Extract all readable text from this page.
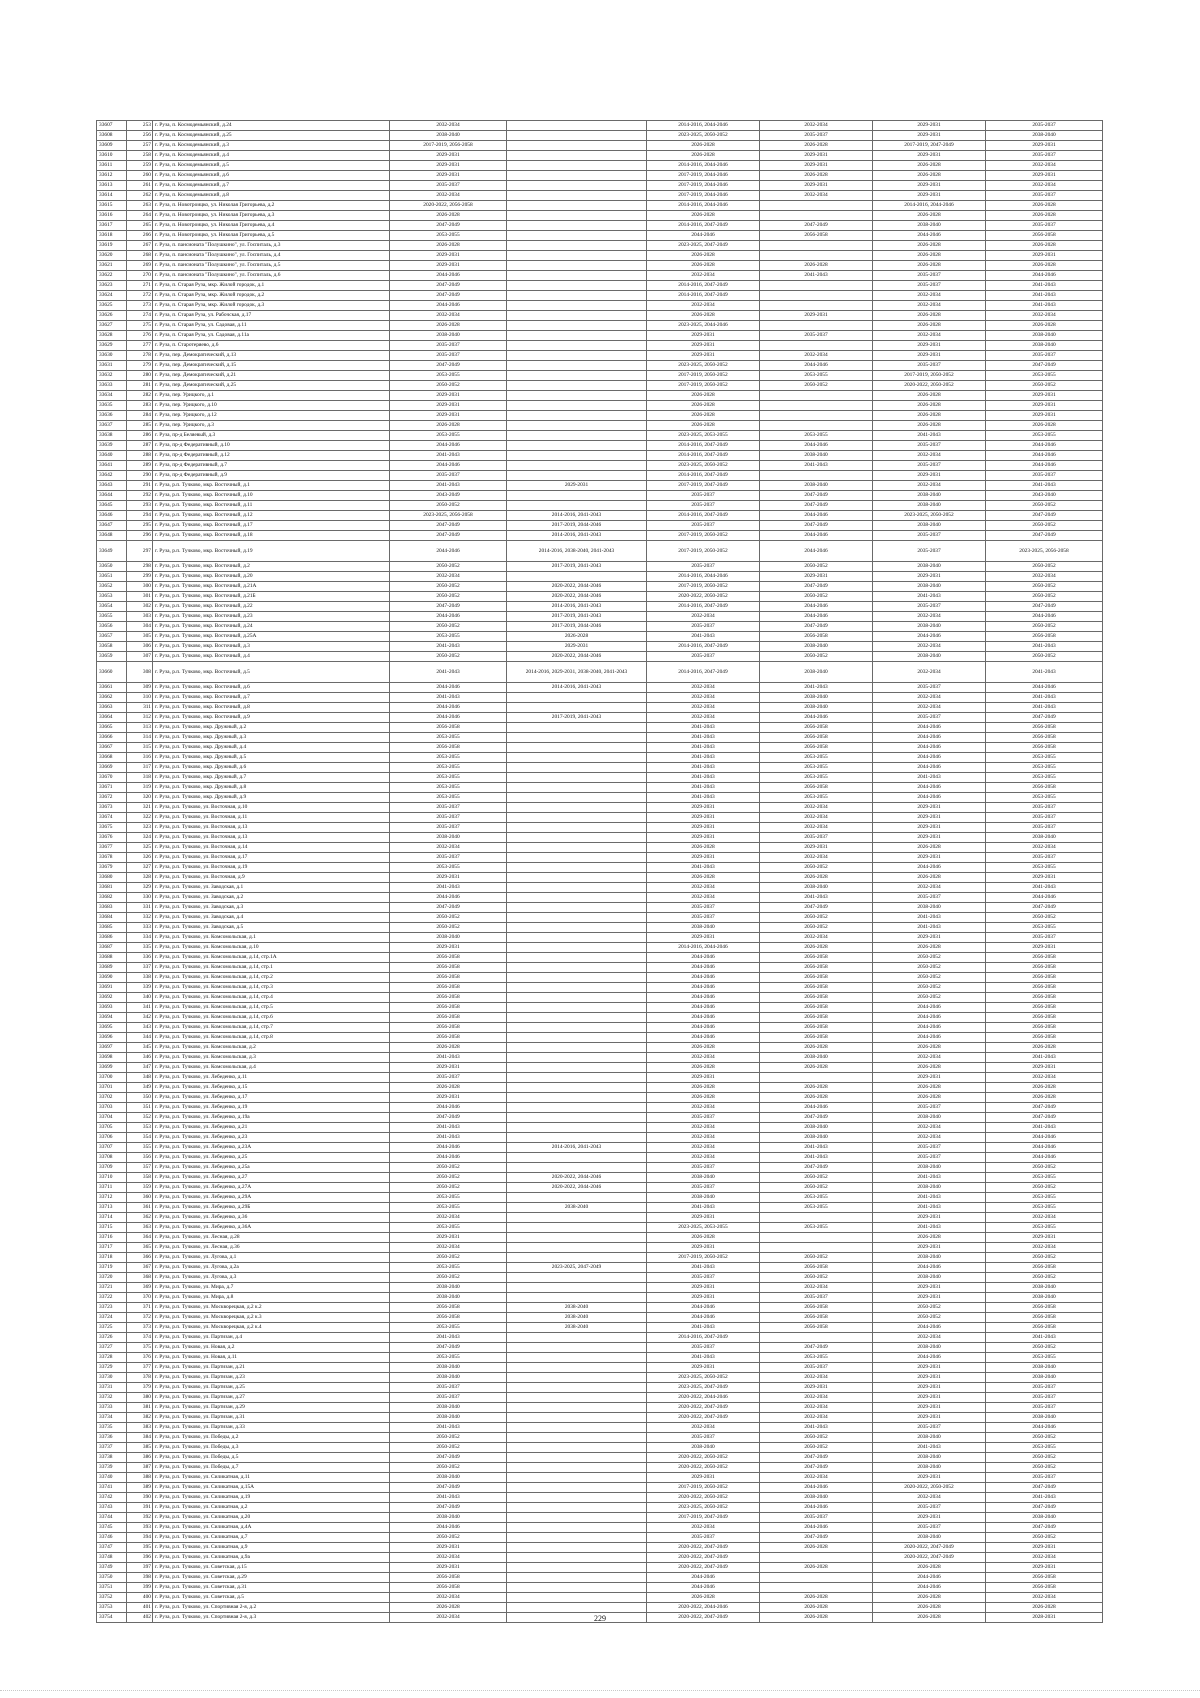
33607	253	г. Руза, п. Космодемьянский, д.24	2032-2034		2014-2016, 2044-2046	2032-2034	2029-2031	2035-2037
33608	256	г. Руза, п. Космодемьянский, д.25	2038-2040		2023-2025, 2050-2052	2035-2037	2029-2031	2038-2040
33609	257	г. Руза, п. Космодемьянский, д.3	2017-2019, 2056-2058		2026-2028	2026-2028	2017-2019, 2047-2049	2029-2031
33610	258	г. Руза, п. Космодемьянский, д.4	2029-2031		2026-2028	2029-2031	2029-2031	2035-2037
33611	259	г. Руза, п. Космодемьянский, д.5	2029-2031		2014-2016, 2044-2046	2029-2031	2026-2028	2032-2034
33612	260	г. Руза, п. Космодемьянский, д.6	2029-2031		2017-2019, 2044-2046	2026-2028	2026-2028	2029-2031
33613	261	г. Руза, п. Космодемьянский, д.7	2035-2037		2017-2019, 2044-2046	2029-2031	2029-2031	2032-2034
33614	262	г. Руза, п. Космодемьянский, д.8	2032-2034		2017-2019, 2044-2046	2032-2034	2029-2031	2035-2037
33615	263	г. Руза, п. Новотроицко, ул. Николая Григорьева, д.2	2020-2022, 2056-2058		2014-2016, 2044-2046		2014-2016, 2044-2046	2026-2028
33616	264	г. Руза, п. Новотроицко, ул. Николая Григорьева, д.3	2026-2028		2026-2028		2026-2028	2026-2028
33617	265	г. Руза, п. Новотроицко, ул. Николая Григорьева, д.4	2047-2049		2014-2016, 2047-2049	2047-2049	2038-2040	2035-2037
33618	266	г. Руза, п. Новотроицко, ул. Николая Григорьева, д.5	2053-2055		2044-2046	2056-2058	2044-2046	2056-2058
33619	267	г. Руза, п. пансионата "Полушкино", ул. Госпиталь, д.3	2026-2028		2023-2025, 2047-2049		2026-2028	2026-2028
33620	268	г. Руза, п. пансионата "Полушкино", ул. Госпиталь, д.4	2029-2031		2026-2028		2026-2028	2029-2031
33621	269	г. Руза, п. пансионата "Полушкино", ул. Госпиталь, д.5	2029-2031		2026-2028	2026-2028	2026-2028	2026-2028
33622	270	г. Руза, п. пансионата "Полушкино", ул. Госпиталь, д.6	2044-2046		2032-2034	2041-2043	2035-2037	2044-2046
33623	271	г. Руза, п. Старая Руза, мкр. Жилой городок, д.1	2047-2049		2014-2016, 2047-2049		2035-2037	2041-2043
33624	272	г. Руза, п. Старая Руза, мкр. Жилой городок, д.2	2047-2049		2014-2016, 2047-2049		2032-2034	2041-2043
33625	273	г. Руза, п. Старая Руза, мкр. Жилой городок, д.3	2044-2046		2032-2034		2032-2034	2041-2043
33626	274	г. Руза, п. Старая Руза, ул. Рабочская, д.17	2032-2034		2026-2028	2029-2031	2026-2028	2032-2034
33627	275	г. Руза, п. Старая Руза, ул. Садовая, д.11	2026-2028		2023-2025, 2044-2046		2026-2028	2026-2028
33628	276	г. Руза, п. Старая Руза, ул. Садовая, д.11а	2038-2040		2029-2031	2035-2037	2032-2034	2038-2040
33629	277	г. Руза, п. Старотеряево, д.6	2035-2037		2029-2031		2029-2031	2038-2040
33630	278	г. Руза, пер. Демократический, д.13	2035-2037		2029-2031	2032-2034	2029-2031	2035-2037
33631	279	г. Руза, пер. Демократический, д.15	2047-2049		2023-2025, 2050-2052	2044-2046	2035-2037	2047-2049
33632	280	г. Руза, пер. Демократический, д.21	2053-2055		2017-2019, 2050-2052	2053-2055	2017-2019, 2050-2052	2053-2055
33633	281	г. Руза, пер. Демократический, д.25	2050-2052		2017-2019, 2050-2052	2050-2052	2020-2022, 2050-2052	2050-2052
33634	282	г. Руза, пер. Урицкого, д.1	2029-2031		2026-2028		2026-2028	2029-2031
33635	283	г. Руза, пер. Урицкого, д.10	2029-2031		2026-2028		2026-2028	2029-2031
33636	284	г. Руза, пер. Урицкого, д.12	2029-2031		2026-2028		2026-2028	2029-2031
33637	285	г. Руза, пер. Урицкого, д.3	2026-2028		2026-2028		2026-2028	2026-2028
33638	286	г. Руза, пр-д Беляевый, д.3	2053-2055		2023-2025, 2053-2055	2053-2055	2041-2043	2053-2055
33639	287	г. Руза, пр-д Федеративный, д.10	2044-2046		2014-2016, 2047-2049	2044-2046	2035-2037	2044-2046
33640	288	г. Руза, пр-д Федеративный, д.12	2041-2043		2014-2016, 2047-2049	2038-2040	2032-2034	2044-2046
33641	289	г. Руза, пр-д Федеративный, д.7	2044-2046		2023-2025, 2050-2052	2041-2043	2035-2037	2044-2046
33642	290	г. Руза, пр-д Федеративный, д.9	2035-2037		2014-2016, 2047-2049		2029-2031	2035-2037
33643	291	г. Руза, р.п. Тучково, мкр. Восточный, д.1	2041-2043	2029-2031	2017-2019, 2047-2049	2038-2040	2032-2034	2041-2043
33644	292	г. Руза, р.п. Тучково, мкр. Восточный, д.10	2043-2049		2035-2037	2047-2049	2038-2040	2043-2040
33645	293	г. Руза, р.п. Тучково, мкр. Восточный, д.11	2050-2052		2035-2037	2047-2049	2038-2040	2050-2052
33646	294	г. Руза, р.п. Тучково, мкр. Восточный, д.12	2023-2025, 2056-2058	2014-2016, 2041-2043	2014-2016, 2047-2049	2044-2046	2023-2025, 2050-2052	2047-2049
33647	295	г. Руза, р.п. Тучково, мкр. Восточный, д.17	2047-2049	2017-2019, 2044-2046	2035-2037	2047-2049	2038-2040	2050-2052
33648	296	г. Руза, р.п. Тучково, мкр. Восточный, д.18	2047-2049	2014-2016, 2041-2043	2017-2019, 2050-2052	2044-2046	2035-2037	2047-2049
33649	297	г. Руза, р.п. Тучково, мкр. Восточный, д.19	2044-2046	2014-2016, 2038-2040, 2041-2043	2017-2019, 2050-2052	2044-2046	2035-2037	2023-2025, 2056-2058
33650	298	г. Руза, р.п. Тучково, мкр. Восточный, д.2	2050-2052	2017-2019, 2041-2043	2035-2037	2050-2052	2038-2040	2050-2052
33651	299	г. Руза, р.п. Тучково, мкр. Восточный, д.20	2032-2034		2014-2016, 2044-2046	2029-2031	2029-2031	2032-2034
33652	300	г. Руза, р.п. Тучково, мкр. Восточный, д.21А	2050-2052	2020-2022, 2044-2046	2017-2019, 2050-2052	2047-2049	2038-2040	2050-2052
33653	301	г. Руза, р.п. Тучково, мкр. Восточный, д.21Б	2050-2052	2020-2022, 2044-2046	2020-2022, 2050-2052	2050-2052	2041-2043	2050-2052
33654	302	г. Руза, р.п. Тучково, мкр. Восточный, д.22	2047-2049	2014-2016, 2041-2043	2014-2016, 2047-2049	2044-2046	2035-2037	2047-2049
33655	303	г. Руза, р.п. Тучково, мкр. Восточный, д.23	2044-2046	2017-2019, 2041-2043	2032-2034	2044-2046	2032-2034	2044-2046
33656	304	г. Руза, р.п. Тучково, мкр. Восточный, д.24	2050-2052	2017-2019, 2044-2046	2035-2037	2047-2049	2038-2040	2050-2052
33657	305	г. Руза, р.п. Тучково, мкр. Восточный, д.25А	2053-2055	2026-2028	2041-2043	2056-2058	2044-2046	2056-2058
33658	306	г. Руза, р.п. Тучково, мкр. Восточный, д.3	2041-2043	2029-2031	2014-2016, 2047-2049	2038-2040	2032-2034	2041-2043
33659	307	г. Руза, р.п. Тучково, мкр. Восточный, д.4	2050-2052	2020-2022, 2044-2046	2035-2037	2050-2052	2038-2040	2050-2052
33660	308	г. Руза, р.п. Тучково, мкр. Восточный, д.5	2041-2043	2014-2016, 2029-2031, 2038-2040, 2041-2043	2014-2016, 2047-2049	2038-2040	2032-2034	2041-2043
33661	309	г. Руза, р.п. Тучково, мкр. Восточный, д.6	2044-2046	2014-2016, 2041-2043	2032-2034	2041-2043	2035-2037	2044-2046
33662	310	г. Руза, р.п. Тучково, мкр. Восточный, д.7	2041-2043		2032-2034	2038-2040	2032-2034	2041-2043
33663	311	г. Руза, р.п. Тучково, мкр. Восточный, д.8	2044-2046		2032-2034	2038-2040	2032-2034	2041-2043
33664	312	г. Руза, р.п. Тучково, мкр. Восточный, д.9	2044-2046	2017-2019, 2041-2043	2032-2034	2044-2046	2035-2037	2047-2049
33665	313	г. Руза, р.п. Тучково, мкр. Дружный, д.2	2056-2058		2041-2043	2056-2058	2044-2046	2056-2058
33666	314	г. Руза, р.п. Тучково, мкр. Дружный, д.3	2053-2055		2041-2043	2056-2058	2044-2046	2056-2058
33667	315	г. Руза, р.п. Тучково, мкр. Дружный, д.4	2056-2058		2041-2043	2056-2058	2044-2046	2056-2058
33668	316	г. Руза, р.п. Тучково, мкр. Дружный, д.5	2053-2055		2041-2043	2053-2055	2044-2046	2053-2055
33669	317	г. Руза, р.п. Тучково, мкр. Дружный, д.6	2053-2055		2041-2043	2053-2055	2044-2046	2053-2055
33670	318	г. Руза, р.п. Тучково, мкр. Дружный, д.7	2053-2055		2041-2043	2053-2055	2041-2043	2053-2055
33671	319	г. Руза, р.п. Тучково, мкр. Дружный, д.8	2053-2055		2041-2043	2056-2058	2044-2046	2056-2058
33672	320	г. Руза, р.п. Тучково, мкр. Дружный, д.9	2053-2055		2041-2043	2053-2055	2044-2046	2053-2055
33673	321	г. Руза, р.п. Тучково, ул. Восточная, д.10	2035-2037		2029-2031	2032-2034	2029-2031	2035-2037
33674	322	г. Руза, р.п. Тучково, ул. Восточная, д.11	2035-2037		2029-2031	2032-2034	2029-2031	2035-2037
33675	323	г. Руза, р.п. Тучково, ул. Восточная, д.13	2035-2037		2029-2031	2032-2034	2029-2031	2035-2037
33676	324	г. Руза, р.п. Тучково, ул. Восточная, д.13	2038-2040		2029-2031	2035-2037	2029-2031	2038-2040
33677	325	г. Руза, р.п. Тучково, ул. Восточная, д.14	2032-2034		2026-2028	2029-2031	2026-2028	2032-2034
33678	326	г. Руза, р.п. Тучково, ул. Восточная, д.17	2035-2037		2029-2031	2032-2034	2029-2031	2035-2037
33679	327	г. Руза, р.п. Тучково, ул. Восточная, д.19	2053-2055		2041-2043	2050-2052	2044-2046	2053-2055
33680	328	г. Руза, р.п. Тучково, ул. Восточная, д.9	2029-2031		2026-2028	2026-2028	2026-2028	2029-2031
33681	329	г. Руза, р.п. Тучково, ул. Заводская, д.1	2041-2043		2032-2034	2038-2040	2032-2034	2041-2043
33682	330	г. Руза, р.п. Тучково, ул. Заводская, д.2	2044-2046		2032-2034	2041-2043	2035-2037	2044-2046
33683	331	г. Руза, р.п. Тучково, ул. Заводская, д.3	2047-2049		2035-2037	2047-2049	2038-2040	2047-2049
33684	332	г. Руза, р.п. Тучково, ул. Заводская, д.4	2050-2052		2035-2037	2050-2052	2041-2043	2050-2052
33685	333	г. Руза, р.п. Тучково, ул. Заводская, д.5	2050-2052		2038-2040	2050-2052	2041-2043	2053-2055
33686	334	г. Руза, р.п. Тучково, ул. Комсомольская, д.1	2038-2040		2029-2031	2032-2034	2029-2031	2035-2037
33687	335	г. Руза, р.п. Тучково, ул. Комсомольская, д.10	2029-2031		2014-2016, 2044-2046	2026-2028	2026-2028	2029-2031
33688	336	г. Руза, р.п. Тучково, ул. Комсомольская, д.14, стр.1А	2056-2058		2044-2046	2056-2058	2050-2052	2056-2058
33689	337	г. Руза, р.п. Тучково, ул. Комсомольская, д.14, стр.1	2056-2058		2044-2046	2056-2058	2050-2052	2056-2058
33690	338	г. Руза, р.п. Тучково, ул. Комсомольская, д.14, стр.2	2056-2058		2044-2046	2056-2058	2050-2052	2056-2058
33691	339	г. Руза, р.п. Тучково, ул. Комсомольская, д.14, стр.3	2056-2058		2044-2046	2056-2058	2050-2052	2056-2058
33692	340	г. Руза, р.п. Тучково, ул. Комсомольская, д.14, стр.4	2056-2058		2044-2046	2056-2058	2050-2052	2056-2058
33693	341	г. Руза, р.п. Тучково, ул. Комсомольская, д.14, стр.5	2056-2058		2044-2046	2056-2058	2044-2046	2056-2058
33694	342	г. Руза, р.п. Тучково, ул. Комсомольская, д.14, стр.6	2056-2058		2044-2046	2056-2058	2044-2046	2056-2058
33695	343	г. Руза, р.п. Тучково, ул. Комсомольская, д.14, стр.7	2056-2058		2044-2046	2056-2058	2044-2046	2056-2058
33696	344	г. Руза, р.п. Тучково, ул. Комсомольская, д.14, стр.8	2056-2058		2044-2046	2056-2058	2044-2046	2056-2058
33697	345	г. Руза, р.п. Тучково, ул. Комсомольская, д.2	2026-2028		2026-2028	2026-2028	2026-2028	2026-2028
33698	346	г. Руза, р.п. Тучково, ул. Комсомольская, д.3	2041-2043		2032-2034	2038-2040	2032-2034	2041-2043
33699	347	г. Руза, р.п. Тучково, ул. Комсомольская, д.4	2029-2031		2026-2028	2026-2028	2026-2028	2029-2031
33700	348	г. Руза, р.п. Тучково, ул. Лебеденко, д.11	2035-2037		2029-2031		2029-2031	2032-2034
33701	349	г. Руза, р.п. Тучково, ул. Лебеденко, д.15	2026-2028		2026-2028	2026-2028	2026-2028	2026-2028
33702	350	г. Руза, р.п. Тучково, ул. Лебеденко, д.17	2029-2031		2026-2028	2026-2028	2026-2028	2026-2028
33703	351	г. Руза, р.п. Тучково, ул. Лебеденко, д.19	2044-2046		2032-2034	2044-2046	2035-2037	2047-2049
33704	352	г. Руза, р.п. Тучково, ул. Лебеденко, д.19а	2047-2049		2035-2037	2047-2049	2038-2040	2047-2049
33705	353	г. Руза, р.п. Тучково, ул. Лебеденко, д.21	2041-2043		2032-2034	2038-2040	2032-2034	2041-2043
33706	354	г. Руза, р.п. Тучково, ул. Лебеденко, д.23	2041-2043		2032-2034	2038-2040	2032-2034	2044-2046
33707	355	г. Руза, р.п. Тучково, ул. Лебеденко, д.23А	2044-2046	2014-2016, 2041-2043	2032-2034	2041-2043	2035-2037	2044-2046
33708	356	г. Руза, р.п. Тучково, ул. Лебеденко, д.25	2044-2046		2032-2034	2041-2043	2035-2037	2044-2046
33709	357	г. Руза, р.п. Тучково, ул. Лебеденко, д.25а	2050-2052		2035-2037	2047-2049	2038-2040	2050-2052
33710	358	г. Руза, р.п. Тучково, ул. Лебеденко, д.27	2050-2052	2020-2022, 2044-2046	2038-2040	2050-2052	2041-2043	2053-2055
33711	359	г. Руза, р.п. Тучково, ул. Лебеденко, д.27А	2050-2052	2020-2022, 2044-2046	2035-2037	2050-2052	2038-2040	2050-2052
33712	360	г. Руза, р.п. Тучково, ул. Лебеденко, д.29А	2053-2055		2038-2040	2053-2055	2041-2043	2053-2055
33713	361	г. Руза, р.п. Тучково, ул. Лебеденко, д.29Б	2053-2055	2038-2040	2041-2043	2053-2055	2041-2043	2053-2055
33714	362	г. Руза, р.п. Тучково, ул. Лебеденко, д.36	2032-2034		2029-2031		2029-2031	2032-2034
33715	363	г. Руза, р.п. Тучково, ул. Лебеденко, д.36А	2053-2055		2023-2025, 2053-2055	2053-2055	2041-2043	2053-2055
33716	364	г. Руза, р.п. Тучково, ул. Лесная, д.28	2029-2031		2026-2028		2026-2028	2029-2031
33717	365	г. Руза, р.п. Тучково, ул. Лесная, д.36	2032-2034		2029-2031		2029-2031	2032-2034
33718	366	г. Руза, р.п. Тучково, ул. Лугова, д.1	2050-2052		2017-2019, 2050-2052	2050-2052	2038-2040	2050-2052
33719	367	г. Руза, р.п. Тучково, ул. Лугова, д.2а	2053-2055	2023-2025, 2047-2049	2041-2043	2056-2058	2044-2046	2056-2058
33720	368	г. Руза, р.п. Тучково, ул. Лугова, д.3	2050-2052		2035-2037	2050-2052	2038-2040	2050-2052
33721	369	г. Руза, р.п. Тучково, ул. Мира, д.7	2038-2040		2029-2031	2032-2034	2029-2031	2038-2040
33722	370	г. Руза, р.п. Тучково, ул. Мира, д.8	2038-2040		2029-2031	2035-2037	2029-2031	2038-2040
33723	371	г. Руза, р.п. Тучково, ул. Москворецкая, д.2 к.2	2056-2058	2038-2040	2044-2046	2056-2058	2050-2052	2056-2058
33724	372	г. Руза, р.п. Тучково, ул. Москворецкая, д.2 к.3	2056-2058	2038-2040	2044-2046	2056-2058	2050-2052	2056-2058
33725	373	г. Руза, р.п. Тучково, ул. Москворецкая, д.2 к.4	2053-2055	2038-2040	2041-2043	2056-2058	2044-2046	2056-2058
33726	374	г. Руза, р.п. Тучково, ул. Партизан, д.4	2041-2043		2014-2016, 2047-2049		2032-2034	2041-2043
33727	375	г. Руза, р.п. Тучково, ул. Новая, д.2	2047-2049		2035-2037	2047-2049	2038-2040	2050-2052
33728	376	г. Руза, р.п. Тучково, ул. Новая, д.11	2053-2055		2041-2043	2053-2055	2044-2046	2053-2055
33729	377	г. Руза, р.п. Тучково, ул. Партизан, д.21	2038-2040		2029-2031	2035-2037	2029-2031	2038-2040
33730	378	г. Руза, р.п. Тучково, ул. Партизан, д.23	2038-2040		2023-2025, 2050-2052	2032-2034	2029-2031	2038-2040
33731	379	г. Руза, р.п. Тучково, ул. Партизан, д.25	2035-2037		2023-2025, 2047-2049	2029-2031	2029-2031	2035-2037
33732	380	г. Руза, р.п. Тучково, ул. Партизан, д.27	2035-2037		2020-2022, 2044-2046	2032-2034	2029-2031	2035-2037
33733	381	г. Руза, р.п. Тучково, ул. Партизан, д.29	2038-2040		2020-2022, 2047-2049	2032-2034	2029-2031	2035-2037
33734	382	г. Руза, р.п. Тучково, ул. Партизан, д.31	2038-2040		2020-2022, 2047-2049	2032-2034	2029-2031	2038-2040
33735	383	г. Руза, р.п. Тучково, ул. Партизан, д.33	2041-2043		2032-2034	2041-2043	2035-2037	2044-2046
33736	384	г. Руза, р.п. Тучково, ул. Победы, д.2	2050-2052		2035-2037	2050-2052	2038-2040	2050-2052
33737	385	г. Руза, р.п. Тучково, ул. Победы, д.3	2050-2052		2038-2040	2050-2052	2041-2043	2053-2055
33738	386	г. Руза, р.п. Тучково, ул. Победы, д.5	2047-2049		2020-2022, 2050-2052	2047-2049	2038-2040	2050-2052
33739	387	г. Руза, р.п. Тучково, ул. Победы, д.7	2050-2052		2020-2022, 2050-2052	2047-2049	2038-2040	2050-2052
33740	388	г. Руза, р.п. Тучково, ул. Силикатная, д.11	2038-2040		2029-2031	2032-2034	2029-2031	2035-2037
33741	389	г. Руза, р.п. Тучково, ул. Силикатная, д.15А	2047-2049		2017-2019, 2050-2052	2044-2046	2020-2022, 2050-2052	2047-2049
33742	390	г. Руза, р.п. Тучково, ул. Силикатная, д.19	2041-2043		2020-2022, 2050-2052	2038-2040	2032-2034	2041-2043
33743	391	г. Руза, р.п. Тучково, ул. Силикатная, д.2	2047-2049		2023-2025, 2050-2052	2044-2046	2035-2037	2047-2049
33744	392	г. Руза, р.п. Тучково, ул. Силикатная, д.20	2038-2040		2017-2019, 2047-2049	2035-2037	2029-2031	2038-2040
33745	393	г. Руза, р.п. Тучково, ул. Силикатная, д.4А	2044-2046		2032-2034	2044-2046	2035-2037	2047-2049
33746	394	г. Руза, р.п. Тучково, ул. Силикатная, д.7	2050-2052		2035-2037	2047-2049	2038-2040	2050-2052
33747	395	г. Руза, р.п. Тучково, ул. Силикатная, д.9	2029-2031		2020-2022, 2047-2049	2026-2028	2020-2022, 2047-2049	2029-2031
33748	396	г. Руза, р.п. Тучково, ул. Силикатная, д.9а	2032-2034		2020-2022, 2047-2049		2020-2022, 2047-2049	2032-2034
33749	397	г. Руза, р.п. Тучково, ул. Советская, д.15	2029-2031		2020-2022, 2047-2049	2026-2028	2026-2028	2029-2031
33750	398	г. Руза, р.п. Тучково, ул. Советская, д.29	2056-2058		2044-2046		2044-2046	2056-2058
33751	399	г. Руза, р.п. Тучково, ул. Советская, д.31	2056-2058		2044-2046		2044-2046	2056-2058
33752	400	г. Руза, р.п. Тучково, ул. Советская, д.5	2032-2034		2026-2028	2026-2028	2026-2028	2032-2034
33753	401	г. Руза, р.п. Тучково, ул. Спортивная 2-я, д.2	2026-2028		2020-2022, 2044-2046	2026-2028	2026-2028	2026-2028
33754	402	г. Руза, р.п. Тучково, ул. Спортивная 2-я, д.3	2032-2034		2020-2022, 2047-2049	2026-2028	2026-2028	2028-2031
229
